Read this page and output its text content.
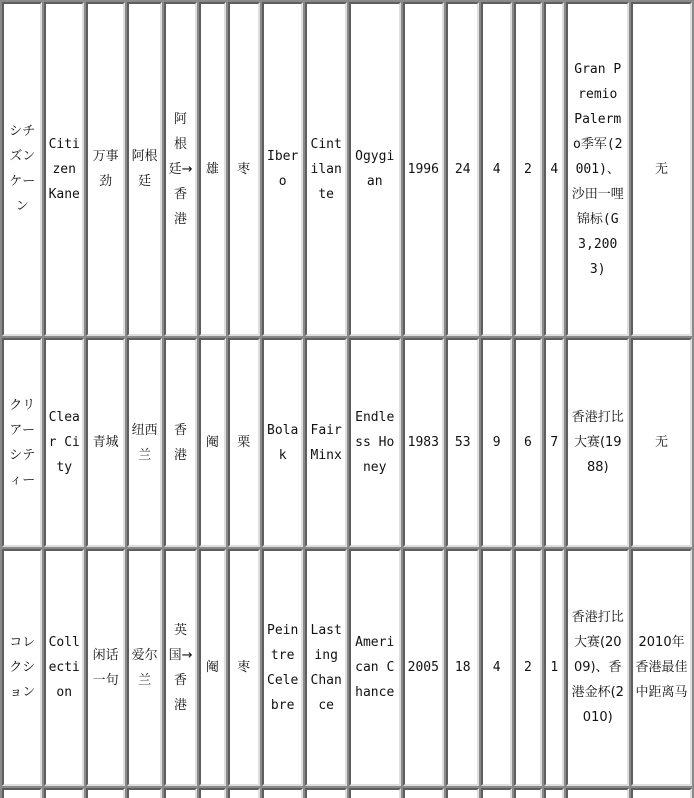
シチズンケーン	Citizen Kane	万事劲	阿根廷	阿根廷→香港	雄	枣	Ibero	Cintilante	Ogygian	1996	24	4	2	4	Gran Premio Palermo季军(2001)、沙田一哩锦标(G3,2003)	无
クリアーシティー	Clear City	青城	纽西兰	香港	阉	栗	Bolak	Fair Minx	Endless Honey	1983	53	9	6	7	香港打比大赛(1988)	无
コレクション	Collection	闲话一句	爱尔兰	英国→香港	阉	枣	Peintre Celebre	Lasting Chance	American Chance	2005	18	4	2	1	香港打比大赛(2009)、香港金杯(2010)	2010年香港最佳中距离马
